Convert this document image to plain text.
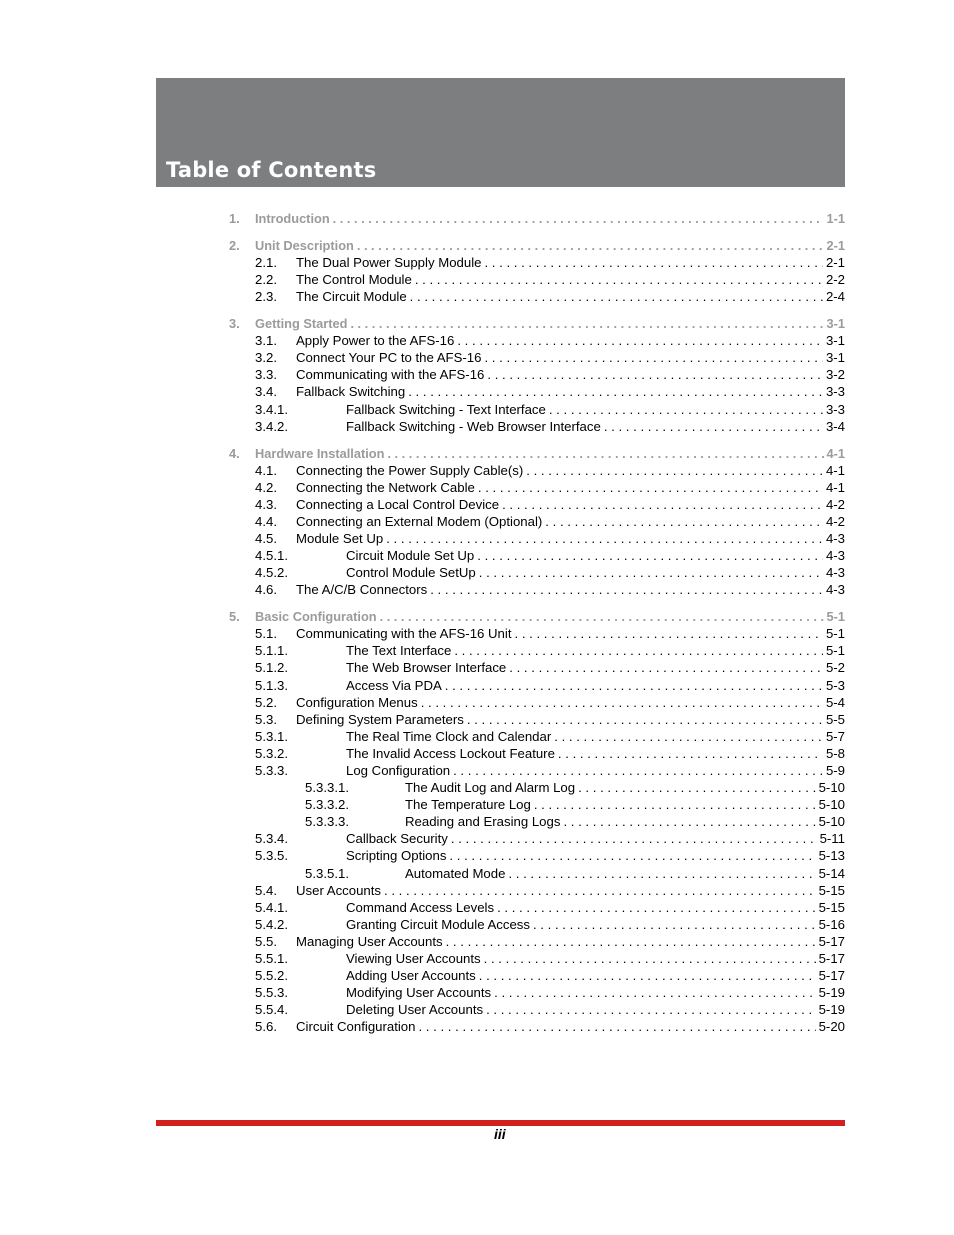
Table of Contents
1. Introduction . . .	1-1
2. Unit Description . . .	2-1
2.1. The Dual Power Supply Module . . .	2-1
2.2. The Control Module . . .	2-2
2.3. The Circuit Module . . .	2-4
3. Getting Started . . .	3-1
3.1. Apply Power to the AFS-16 . . .	3-1
3.2. Connect Your PC to the AFS-16 . . .	3-1
3.3. Communicating with the AFS-16 . . .	3-2
3.4. Fallback Switching . . .	3-3
3.4.1.	Fallback Switching - Text Interface . . .	3-3
3.4.2.	Fallback Switching - Web Browser Interface . . .	3-4
4. Hardware Installation . . .	4-1
4.1. Connecting the Power Supply Cable(s) . . .	4-1
4.2. Connecting the Network Cable . . .	4-1
4.3. Connecting a Local Control Device . . .	4-2
4.4. Connecting an External Modem (Optional) . . .	4-2
4.5. Module Set Up . . .	4-3
4.5.1.	Circuit Module Set Up . . .	4-3
4.5.2.	Control Module SetUp . . .	4-3
4.6. The A/C/B Connectors . . .	4-3
5. Basic Configuration . . .	5-1
5.1. Communicating with the AFS-16 Unit . . .	5-1
5.1.1.	The Text Interface . . .	5-1
5.1.2.	The Web Browser Interface . . .	5-2
5.1.3.	Access Via PDA . . .	5-3
5.2. Configuration Menus . . .	5-4
5.3. Defining System Parameters . . .	5-5
5.3.1.	The Real Time Clock and Calendar . . .	5-7
5.3.2.	The Invalid Access Lockout Feature . . .	5-8
5.3.3.	Log Configuration . . .	5-9
5.3.3.1.	The Audit Log and Alarm Log . . .	5-10
5.3.3.2.	The Temperature Log . . .	5-10
5.3.3.3.	Reading and Erasing Logs . . .	5-10
5.3.4.	Callback Security . . .	5-11
5.3.5.	Scripting Options . . .	5-13
5.3.5.1.	Automated Mode . . .	5-14
5.4. User Accounts . . .	5-15
5.4.1.	Command Access Levels . . .	5-15
5.4.2.	Granting Circuit Module Access . . .	5-16
5.5. Managing User Accounts . . .	5-17
5.5.1.	Viewing User Accounts . . .	5-17
5.5.2.	Adding User Accounts . . .	5-17
5.5.3.	Modifying User Accounts . . .	5-19
5.5.4.	Deleting User Accounts . . .	5-19
5.6. Circuit Configuration . . .	5-20
iii
